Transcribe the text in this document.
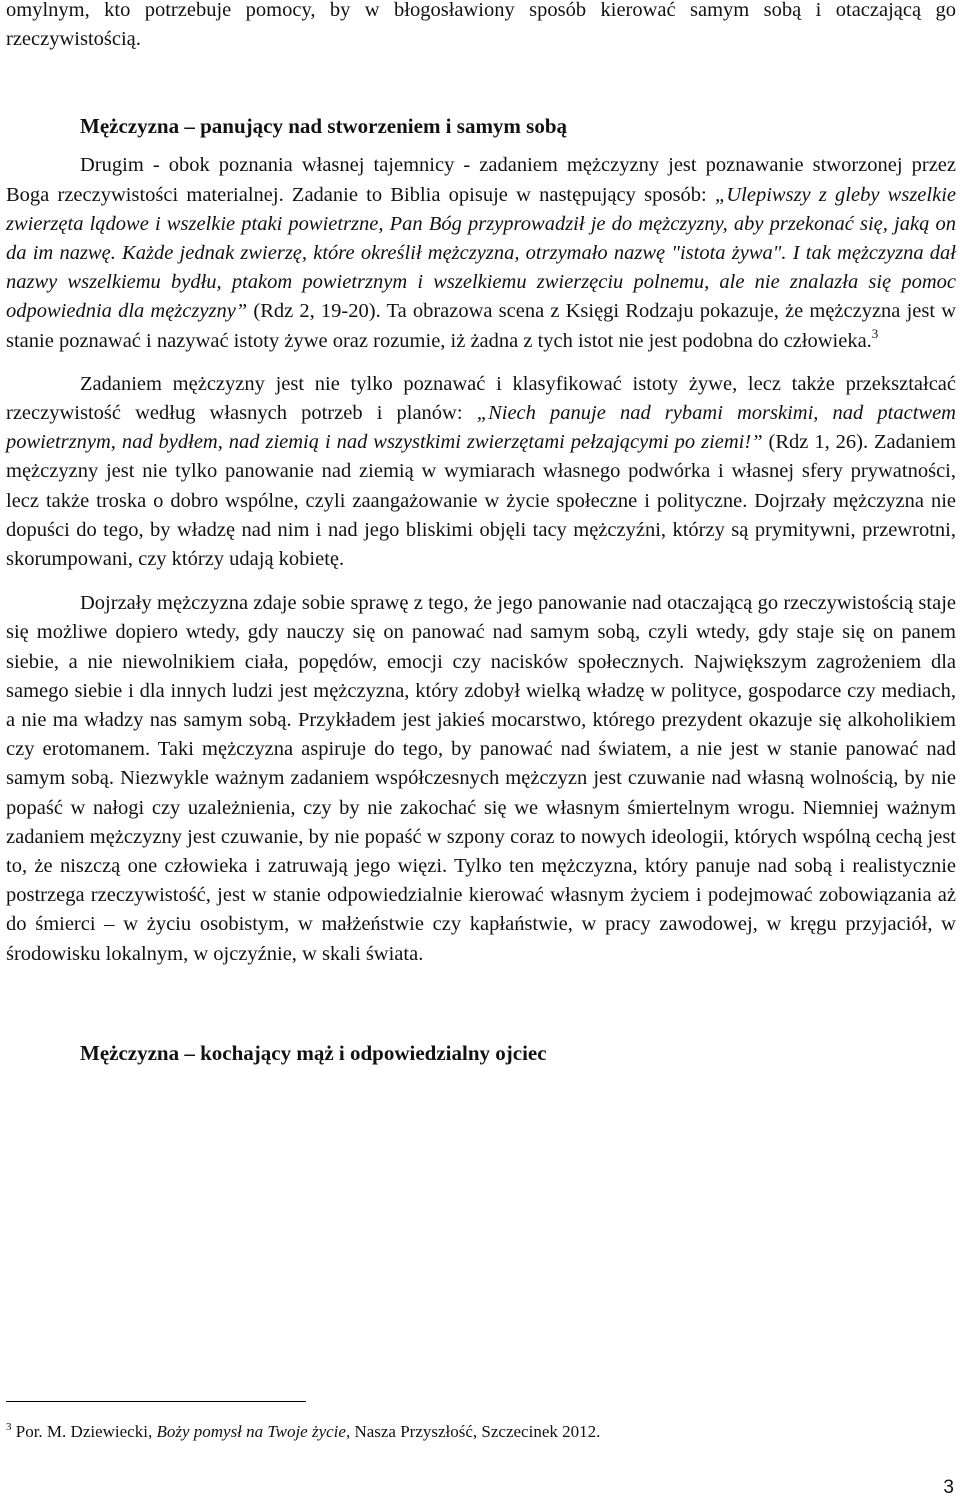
omylnym, kto potrzebuje pomocy, by w błogosławiony sposób kierować samym sobą i otaczającą go rzeczywistością.

Mężczyzna – panujący nad stworzeniem i samym sobą

Drugim - obok poznania własnej tajemnicy - zadaniem mężczyzny jest poznawanie stworzonej przez Boga rzeczywistości materialnej. Zadanie to Biblia opisuje w następujący sposób: „Ulepiwszy z gleby wszelkie zwierzęta lądowe i wszelkie ptaki powietrzne, Pan Bóg przyprowadził je do mężczyzny, aby przekonać się, jaką on da im nazwę. Każde jednak zwierzę, które określił mężczyzna, otrzymało nazwę "istota żywa". I tak mężczyzna dał nazwy wszelkiemu bydłu, ptakom powietrznym i wszelkiemu zwierzęciu polnemu, ale nie znalazła się pomoc odpowiednia dla mężczyzny” (Rdz 2, 19-20). Ta obrazowa scena z Księgi Rodzaju pokazuje, że mężczyzna jest w stanie poznawać i nazywać istoty żywe oraz rozumie, iż żadna z tych istot nie jest podobna do człowieka.$^3$

Zadaniem mężczyzny jest nie tylko poznawać i klasyfikować istoty żywe, lecz także przekształcać rzeczywistość według własnych potrzeb i planów: „Niech panuje nad rybami morskimi, nad ptactwem powietrznym, nad bydłem, nad ziemią i nad wszystkimi zwierzętami pełzającymi po ziemi!” (Rdz 1, 26). Zadaniem mężczyzny jest nie tylko panowanie nad ziemią w wymiarach własnego podwórka i własnej sfery prywatności, lecz także troska o dobro wspólne, czyli zaangażowanie w życie społeczne i polityczne. Dojrzały mężczyzna nie dopuści do tego, by władzę nad nim i nad jego bliskimi objęli tacy mężczyźni, którzy są prymitywni, przewrotni, skorumpowani, czy którzy udają kobietę.

Dojrzały mężczyzna zdaje sobie sprawę z tego, że jego panowanie nad otaczającą go rzeczywistością staje się możliwe dopiero wtedy, gdy nauczy się on panować nad samym sobą, czyli wtedy, gdy staje się on panem siebie, a nie niewolnikiem ciała, popędów, emocji czy nacisków społecznych. Największym zagrożeniem dla samego siebie i dla innych ludzi jest mężczyzna, który zdobył wielką władzę w polityce, gospodarce czy mediach, a nie ma władzy nas samym sobą. Przykładem jest jakieś mocarstwo, którego prezydent okazuje się alkoholikiem czy erotomanem. Taki mężczyzna aspiruje do tego, by panować nad światem, a nie jest w stanie panować nad samym sobą. Niezwykle ważnym zadaniem współczesnych mężczyzn jest czuwanie nad własną wolnością, by nie popaść w nałogi czy uzależnienia, czy by nie zakochać się we własnym śmiertelnym wrogu. Niemniej ważnym zadaniem mężczyzny jest czuwanie, by nie popaść w szpony coraz to nowych ideologii, których wspólną cechą jest to, że niszczą one człowieka i zatruwają jego więzi. Tylko ten mężczyzna, który panuje nad sobą i realistycznie postrzega rzeczywistość, jest w stanie odpowiedzialnie kierować własnym życiem i podejmować zobowiązania aż do śmierci – w życiu osobistym, w małżeństwie czy kapłaństwie, w pracy zawodowej, w kręgu przyjaciół, w środowisku lokalnym, w ojczyźnie, w skali świata.

Mężczyzna – kochający mąż i odpowiedzialny ojciec

$^3$ Por. M. Dziewiecki, Boży pomysł na Twoje życie, Nasza Przyszłość, Szczecinek 2012.

3
